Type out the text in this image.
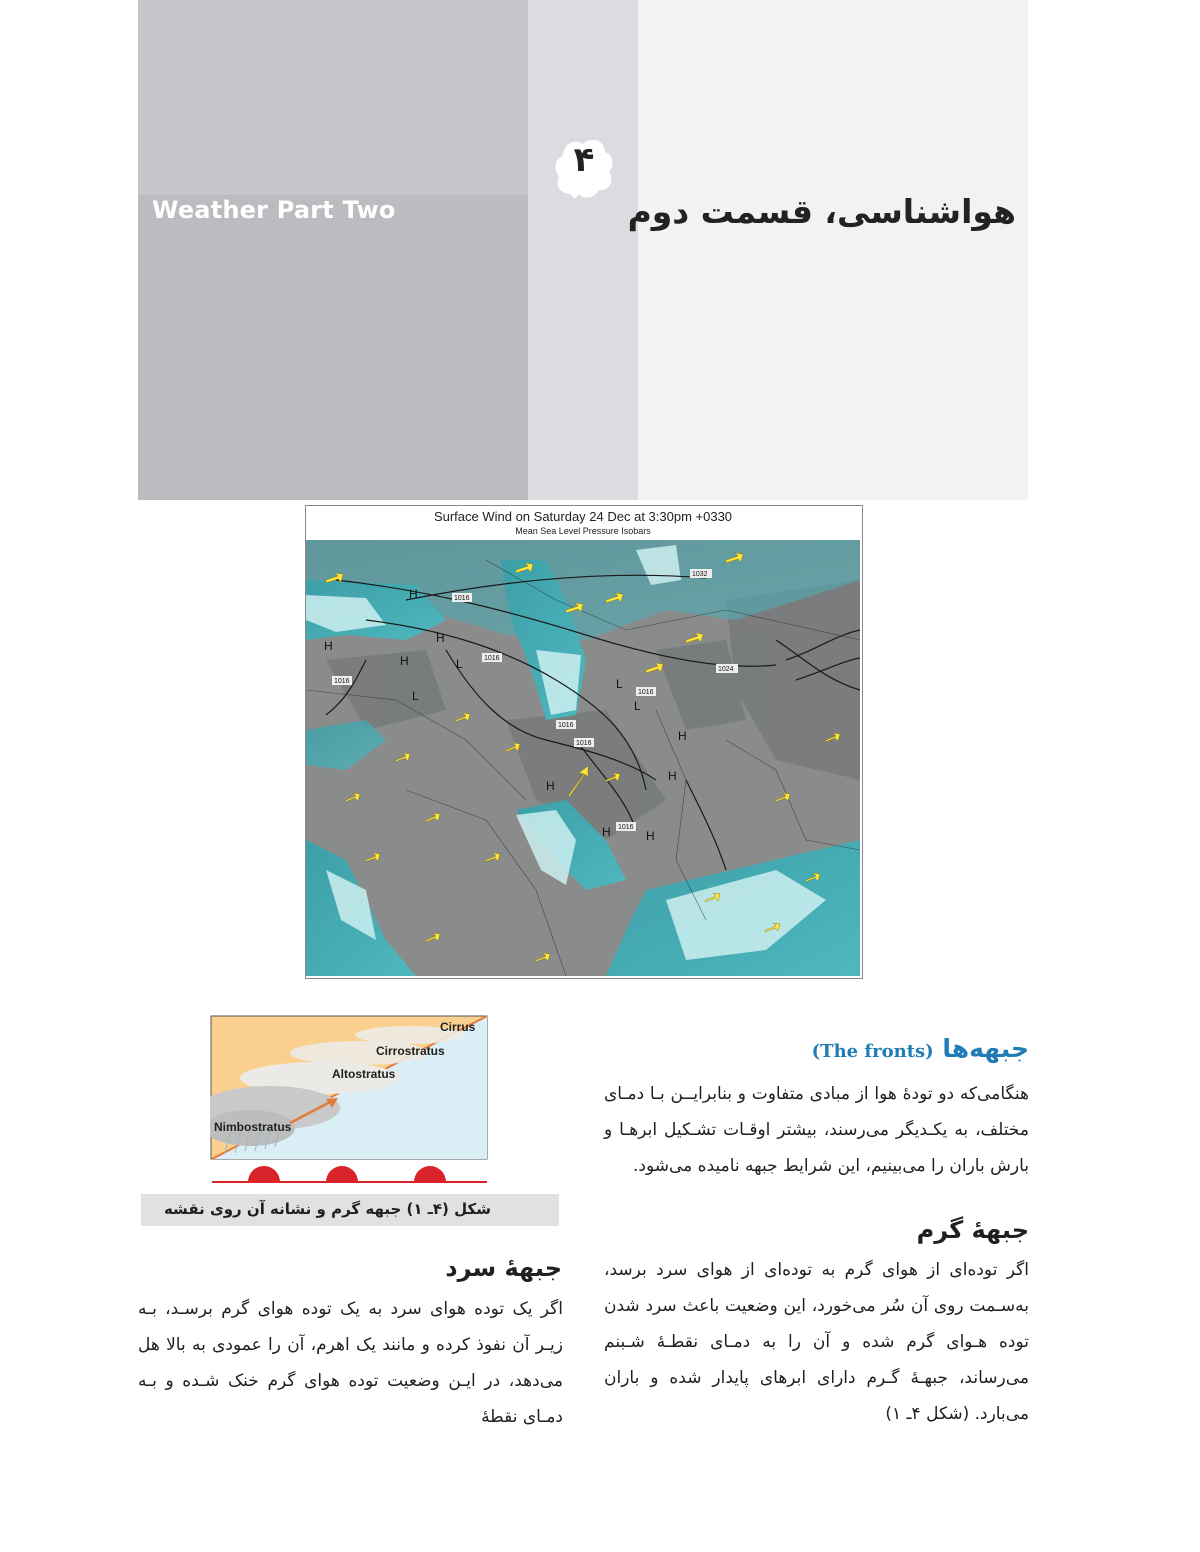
Weather Part Two
۴
هواشناسی، قسمت دوم
Surface Wind on Saturday 24 Dec at 3:30pm +0330
Mean Sea Level Pressure Isobars
1016
1016
1016
1016
1016
1016
1016
1024
1032
H
H
H
H
H
H
H
H
H
L
L
L
L
Cirrus
Cirrostratus
Altostratus
Nimbostratus
شکل (۴ـ ۱) جبهه گرم و نشانه آن روی نقشه
جبهه‌ها (The fronts)
هنگامی‌که دو تودهٔ هوا از مبادی متفاوت و بنابرایــن بـا دمـای مختلف، به یکـدیگر می‌رسند، بیشتر اوقـات تشـکیل ابرهـا و بارش باران را می‌بینیم، این شرایط جبهه نامیده می‌شود.
جبههٔ گرم
اگر توده‌ای از هوای گرم به توده‌ای از هوای سرد برسد، به‌سـمت روی آن سُر می‌خورد، این وضعیت باعث سرد شدن توده هـوای گرم شده و آن را به دمـای نقطـهٔ شـبنم می‌رساند، جبهـهٔ گـرم دارای ابرهای پایدار شده و باران می‌بارد. (شکل ۴ـ ۱)
جبههٔ سرد
اگر یک توده هوای سرد به یک توده هوای گرم برسـد، بـه زیـر آن نفوذ کرده و مانند یک اهرم، آن را عمودی به بالا هل می‌دهد، در ایـن وضعیت توده هوای گرم خنک شـده و بـه دمـای نقطهٔ
